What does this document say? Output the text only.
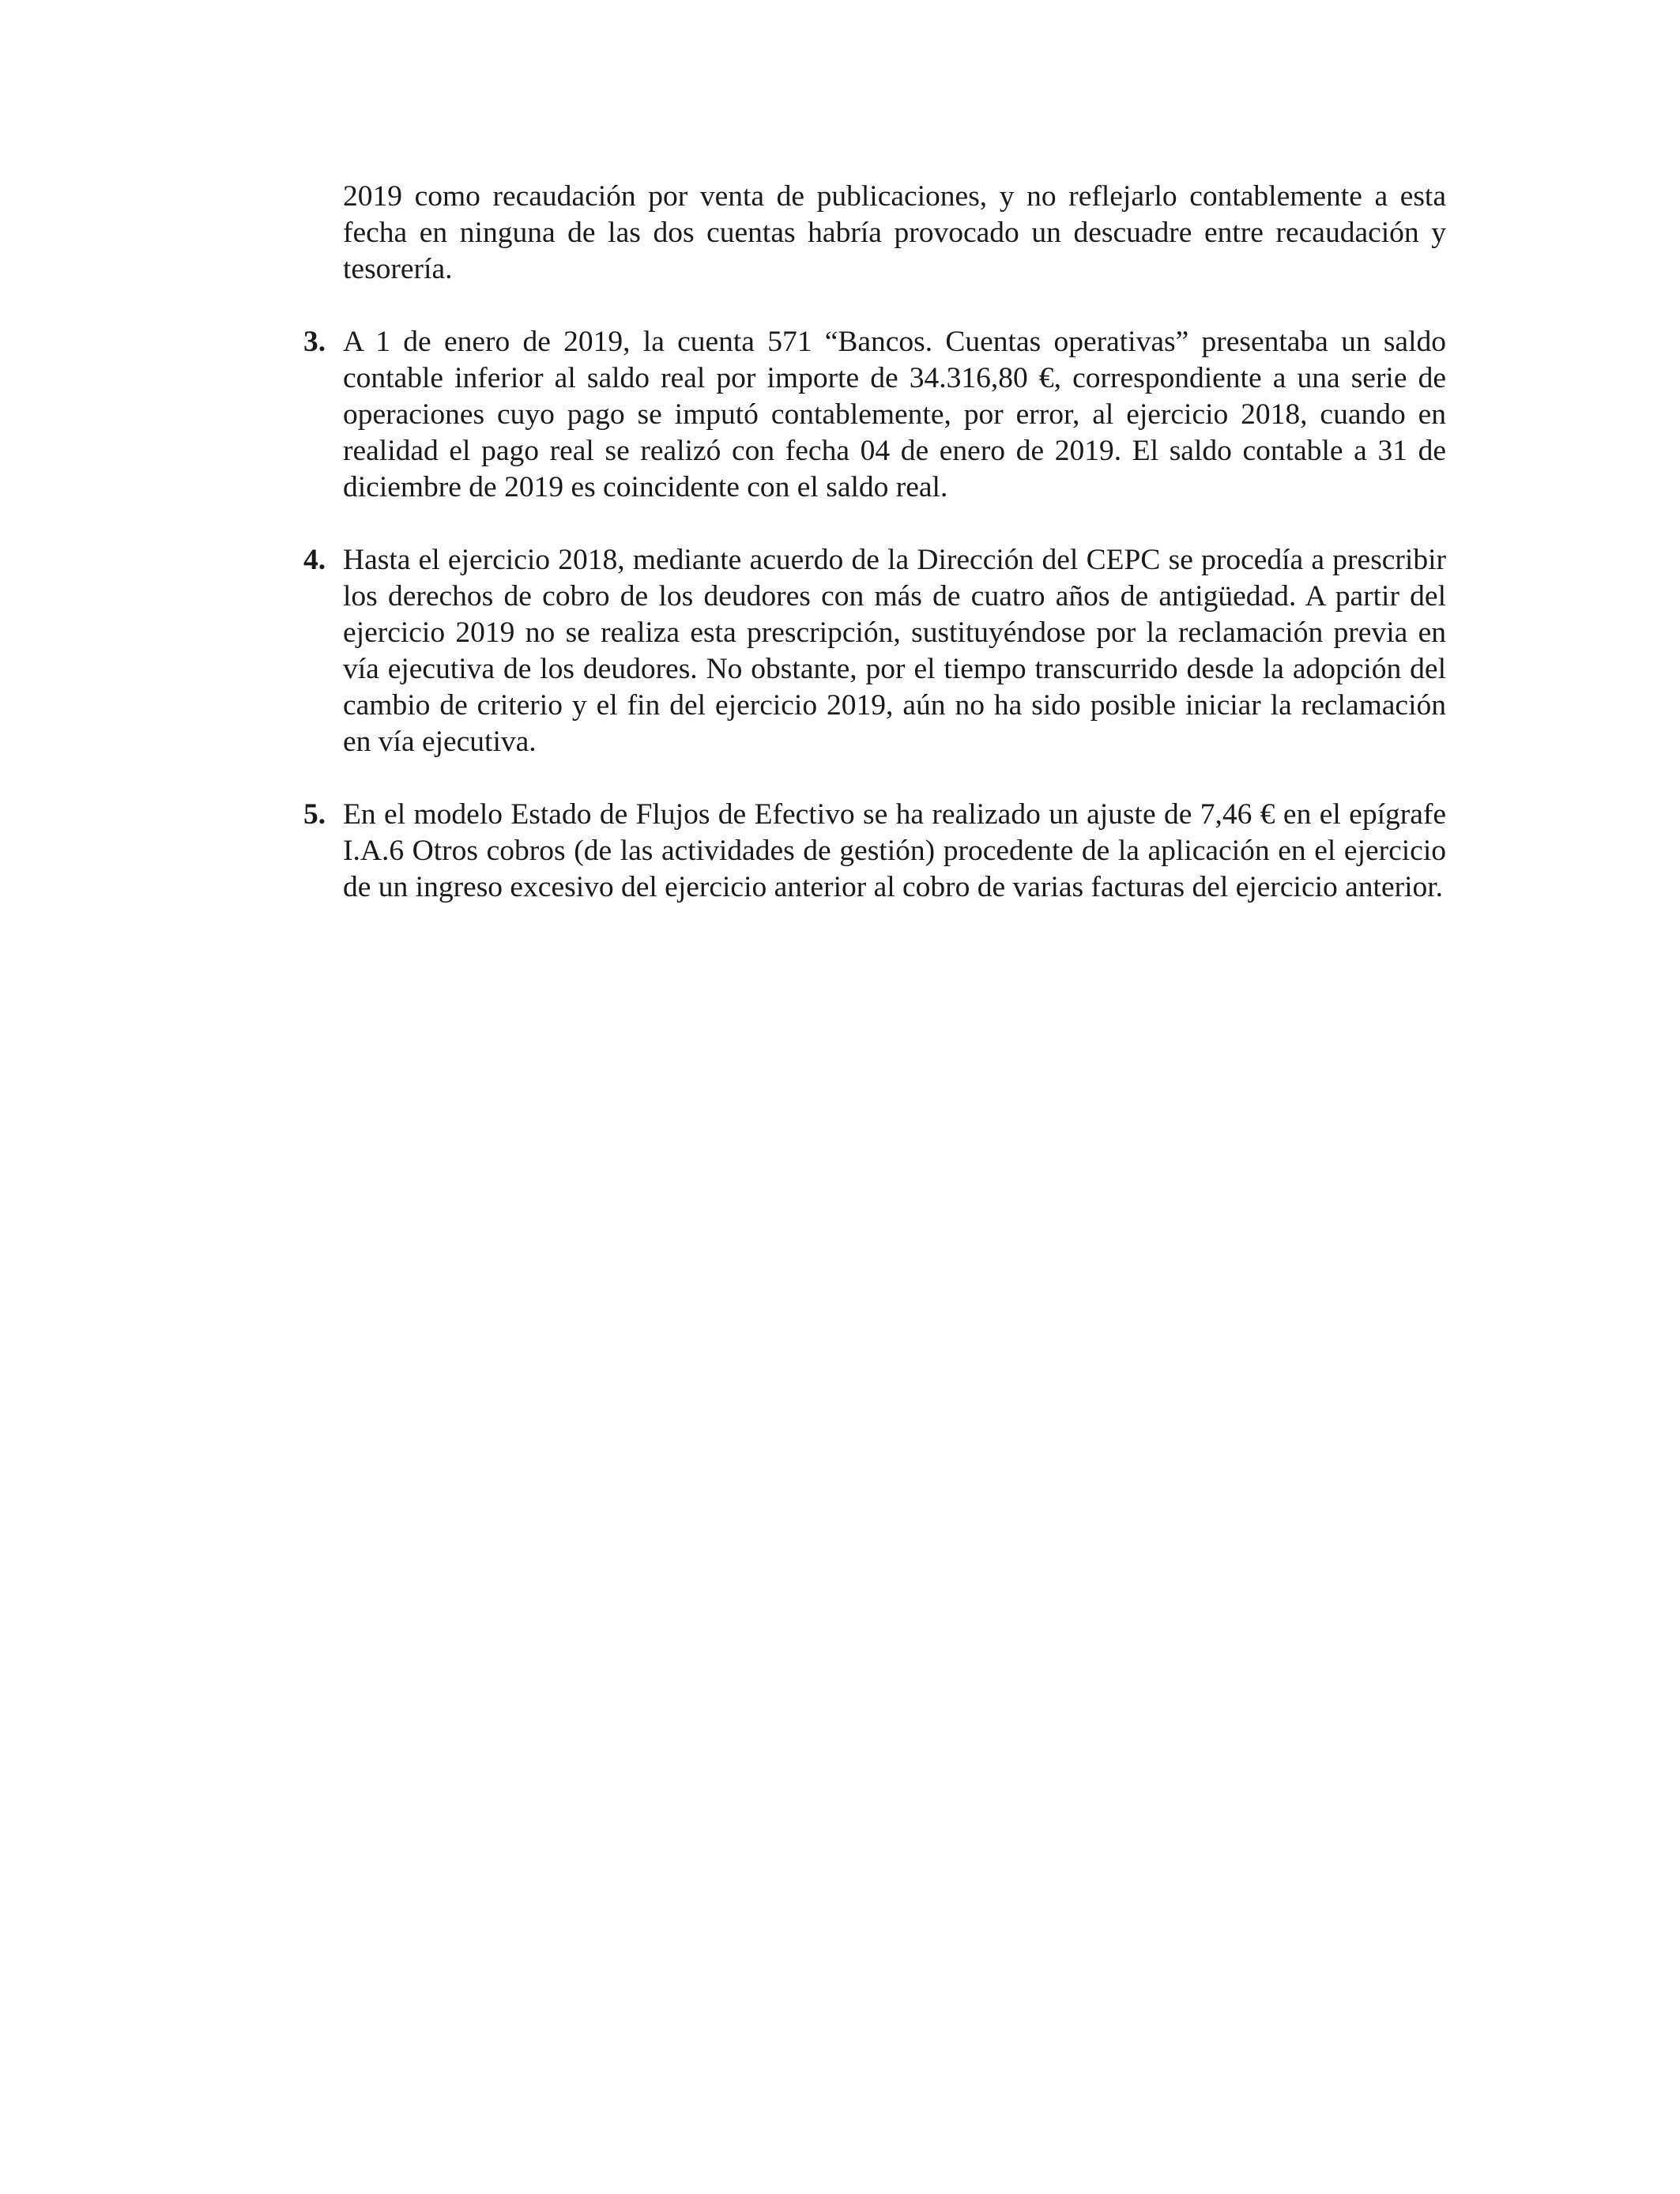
2019 como recaudación por venta de publicaciones, y no reflejarlo contablemente a esta fecha en ninguna de las dos cuentas habría provocado un descuadre entre recaudación y tesorería.

3. A 1 de enero de 2019, la cuenta 571 “Bancos. Cuentas operativas” presentaba un saldo contable inferior al saldo real por importe de 34.316,80 €, correspondiente a una serie de operaciones cuyo pago se imputó contablemente, por error, al ejercicio 2018, cuando en realidad el pago real se realizó con fecha 04 de enero de 2019. El saldo contable a 31 de diciembre de 2019 es coincidente con el saldo real.

4. Hasta el ejercicio 2018, mediante acuerdo de la Dirección del CEPC se procedía a prescribir los derechos de cobro de los deudores con más de cuatro años de antigüedad. A partir del ejercicio 2019 no se realiza esta prescripción, sustituyéndose por la reclamación previa en vía ejecutiva de los deudores. No obstante, por el tiempo transcurrido desde la adopción del cambio de criterio y el fin del ejercicio 2019, aún no ha sido posible iniciar la reclamación en vía ejecutiva.

5. En el modelo Estado de Flujos de Efectivo se ha realizado un ajuste de 7,46 € en el epígrafe I.A.6 Otros cobros (de las actividades de gestión) procedente de la aplicación en el ejercicio de un ingreso excesivo del ejercicio anterior al cobro de varias facturas del ejercicio anterior.
